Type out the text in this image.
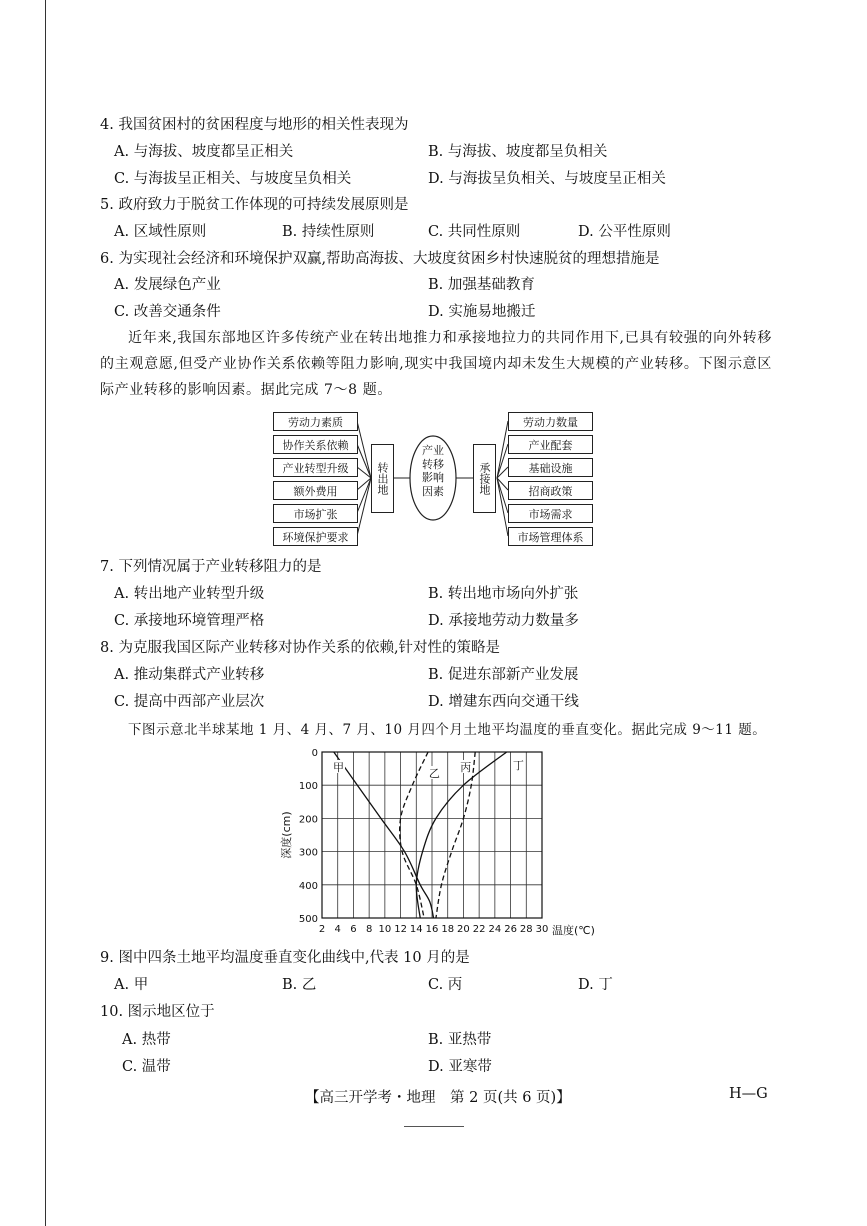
4. 我国贫困村的贫困程度与地形的相关性表现为
A. 与海拔、坡度都呈正相关	B. 与海拔、坡度都呈负相关
C. 与海拔呈正相关、与坡度呈负相关	D. 与海拔呈负相关、与坡度呈正相关
5. 政府致力于脱贫工作体现的可持续发展原则是
A. 区域性原则	B. 持续性原则	C. 共同性原则	D. 公平性原则
6. 为实现社会经济和环境保护双赢,帮助高海拔、大坡度贫困乡村快速脱贫的理想措施是
A. 发展绿色产业	B. 加强基础教育
C. 改善交通条件	D. 实施易地搬迁
近年来,我国东部地区许多传统产业在转出地推力和承接地拉力的共同作用下,已具有较强的向外转移的主观意愿,但受产业协作关系依赖等阻力影响,现实中我国境内却未发生大规模的产业转移。下图示意区际产业转移的影响因素。据此完成 7～8 题。
劳动力素质
协作关系依赖
产业转型升级
额外费用
市场扩张
环境保护要求
转出地
产业转移影响因素	承接地
劳动力数量
产业配套
基础设施
招商政策
市场需求
市场管理体系
7. 下列情况属于产业转移阻力的是
A. 转出地产业转型升级	B. 转出地市场向外扩张
C. 承接地环境管理严格	D. 承接地劳动力数量多
8. 为克服我国区际产业转移对协作关系的依赖,针对性的策略是
A. 推动集群式产业转移	B. 促进东部新产业发展
C. 提高中西部产业层次	D. 增建东西向交通干线
下图示意北半球某地 1 月、4 月、7 月、10 月四个月土地平均温度的垂直变化。据此完成 9～11 题。
2 4 6 8 10 12 14 16 18 20 22 24 26 28 30
0
100
200
300
400
500
温度(℃)
深度(cm)
甲	乙 丙	丁
9. 图中四条土地平均温度垂直变化曲线中,代表 10 月的是
A. 甲	B. 乙	C. 丙	D. 丁
10. 图示地区位于
A. 热带	B. 亚热带
C. 温带	D. 亚寒带
【高三开学考・地理　第 2 页(共 6 页)】	H—G
